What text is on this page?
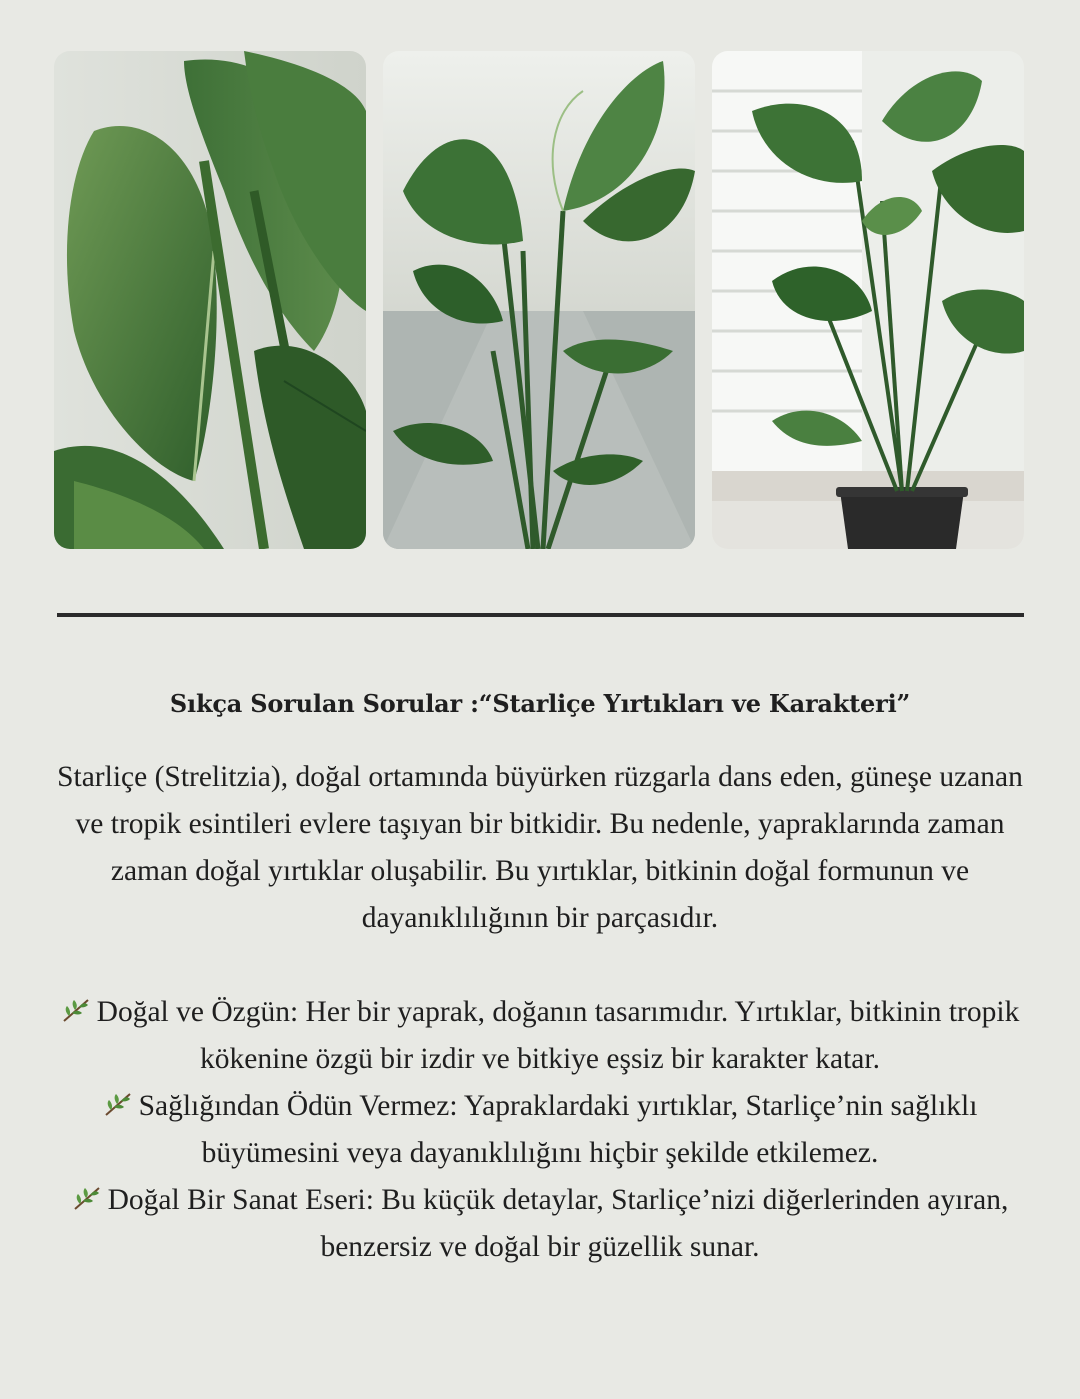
Sıkça Sorulan Sorular :“Starliçe Yırtıkları ve Karakteri”

Starliçe (Strelitzia), doğal ortamında büyürken rüzgarla dans eden, güneşe uzanan ve tropik esintileri evlere taşıyan bir bitkidir. Bu nedenle, yapraklarında zaman zaman doğal yırtıklar oluşabilir. Bu yırtıklar, bitkinin doğal formunun ve dayanıklılığının bir parçasıdır.

Doğal ve Özgün: Her bir yaprak, doğanın tasarımıdır. Yırtıklar, bitkinin tropik kökenine özgü bir izdir ve bitkiye eşsiz bir karakter katar.

Sağlığından Ödün Vermez: Yapraklardaki yırtıklar, Starliçe’nin sağlıklı büyümesini veya dayanıklılığını hiçbir şekilde etkilemez.

Doğal Bir Sanat Eseri: Bu küçük detaylar, Starliçe’nizi diğerlerinden ayıran, benzersiz ve doğal bir güzellik sunar.
